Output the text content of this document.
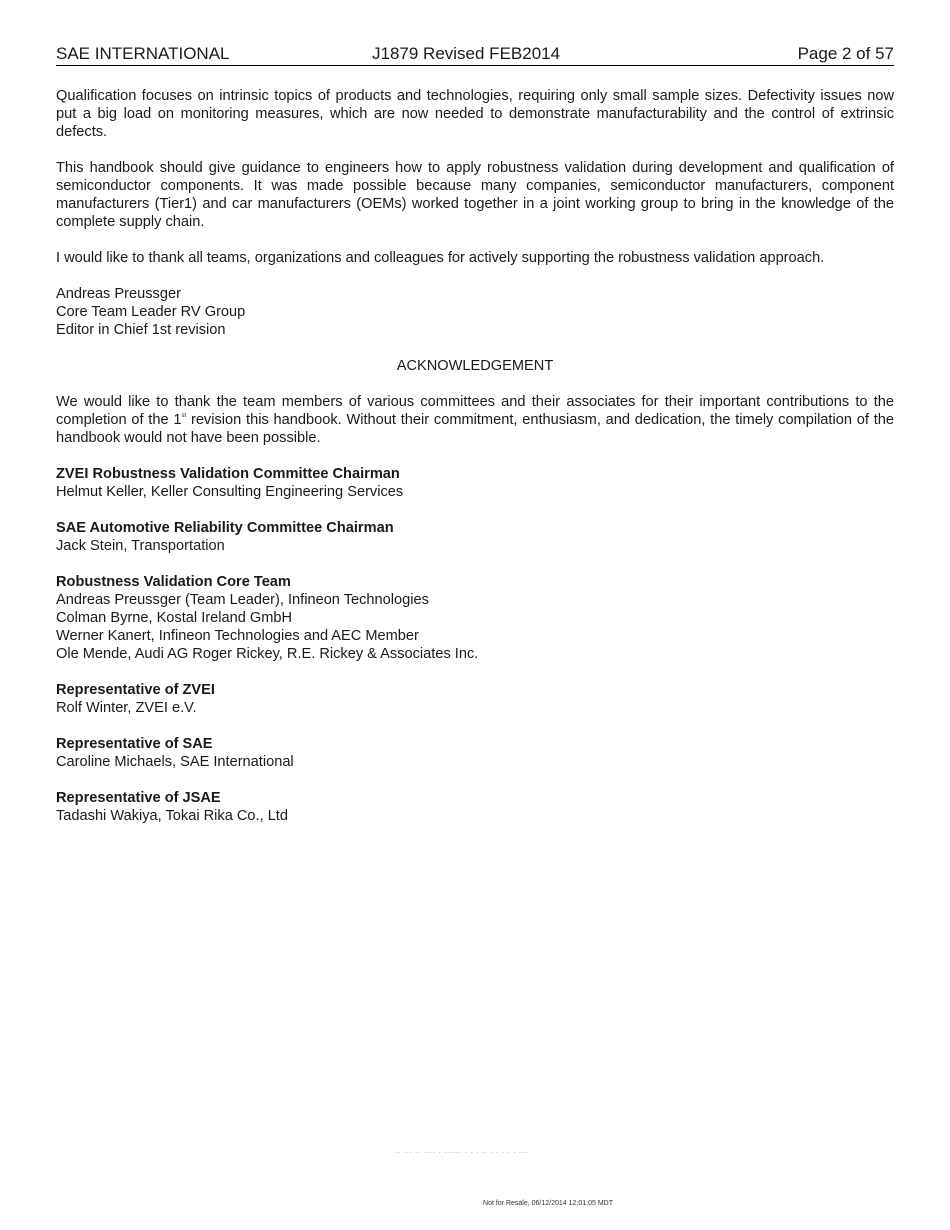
SAE INTERNATIONAL	J1879 Revised FEB2014	Page 2 of 57

Qualification focuses on intrinsic topics of products and technologies, requiring only small sample sizes. Defectivity issues now put a big load on monitoring measures, which are now needed to demonstrate manufacturability and the control of extrinsic defects.

This handbook should give guidance to engineers how to apply robustness validation during development and qualification of semiconductor components. It was made possible because many companies, semiconductor manufacturers, component manufacturers (Tier1) and car manufacturers (OEMs) worked together in a joint working group to bring in the knowledge of the complete supply chain.

I would like to thank all teams, organizations and colleagues for actively supporting the robustness validation approach.

Andreas Preussger
Core Team Leader RV Group
Editor in Chief 1st revision
ACKNOWLEDGEMENT

We would like to thank the team members of various committees and their associates for their important contributions to the completion of the 1st revision this handbook. Without their commitment, enthusiasm, and dedication, the timely compilation of the handbook would not have been possible.

ZVEI Robustness Validation Committee Chairman
Helmut Keller, Keller Consulting Engineering Services
SAE Automotive Reliability Committee Chairman
Jack Stein, Transportation
Robustness Validation Core Team
Andreas Preussger (Team Leader), Infineon Technologies
Colman Byrne, Kostal Ireland GmbH
Werner Kanert, Infineon Technologies and AEC Member
Ole Mende, Audi AG Roger Rickey, R.E. Rickey & Associates Inc.
Representative of ZVEI
Rolf Winter, ZVEI e.V.
Representative of SAE
Caroline Michaels, SAE International
Representative of JSAE
Tadashi Wakiya, Tokai Rika Co., Ltd
-- --- -- ---- - ------ - - - -- - - - - - ---
Not for Resale, 06/12/2014 12:01:05 MDT
